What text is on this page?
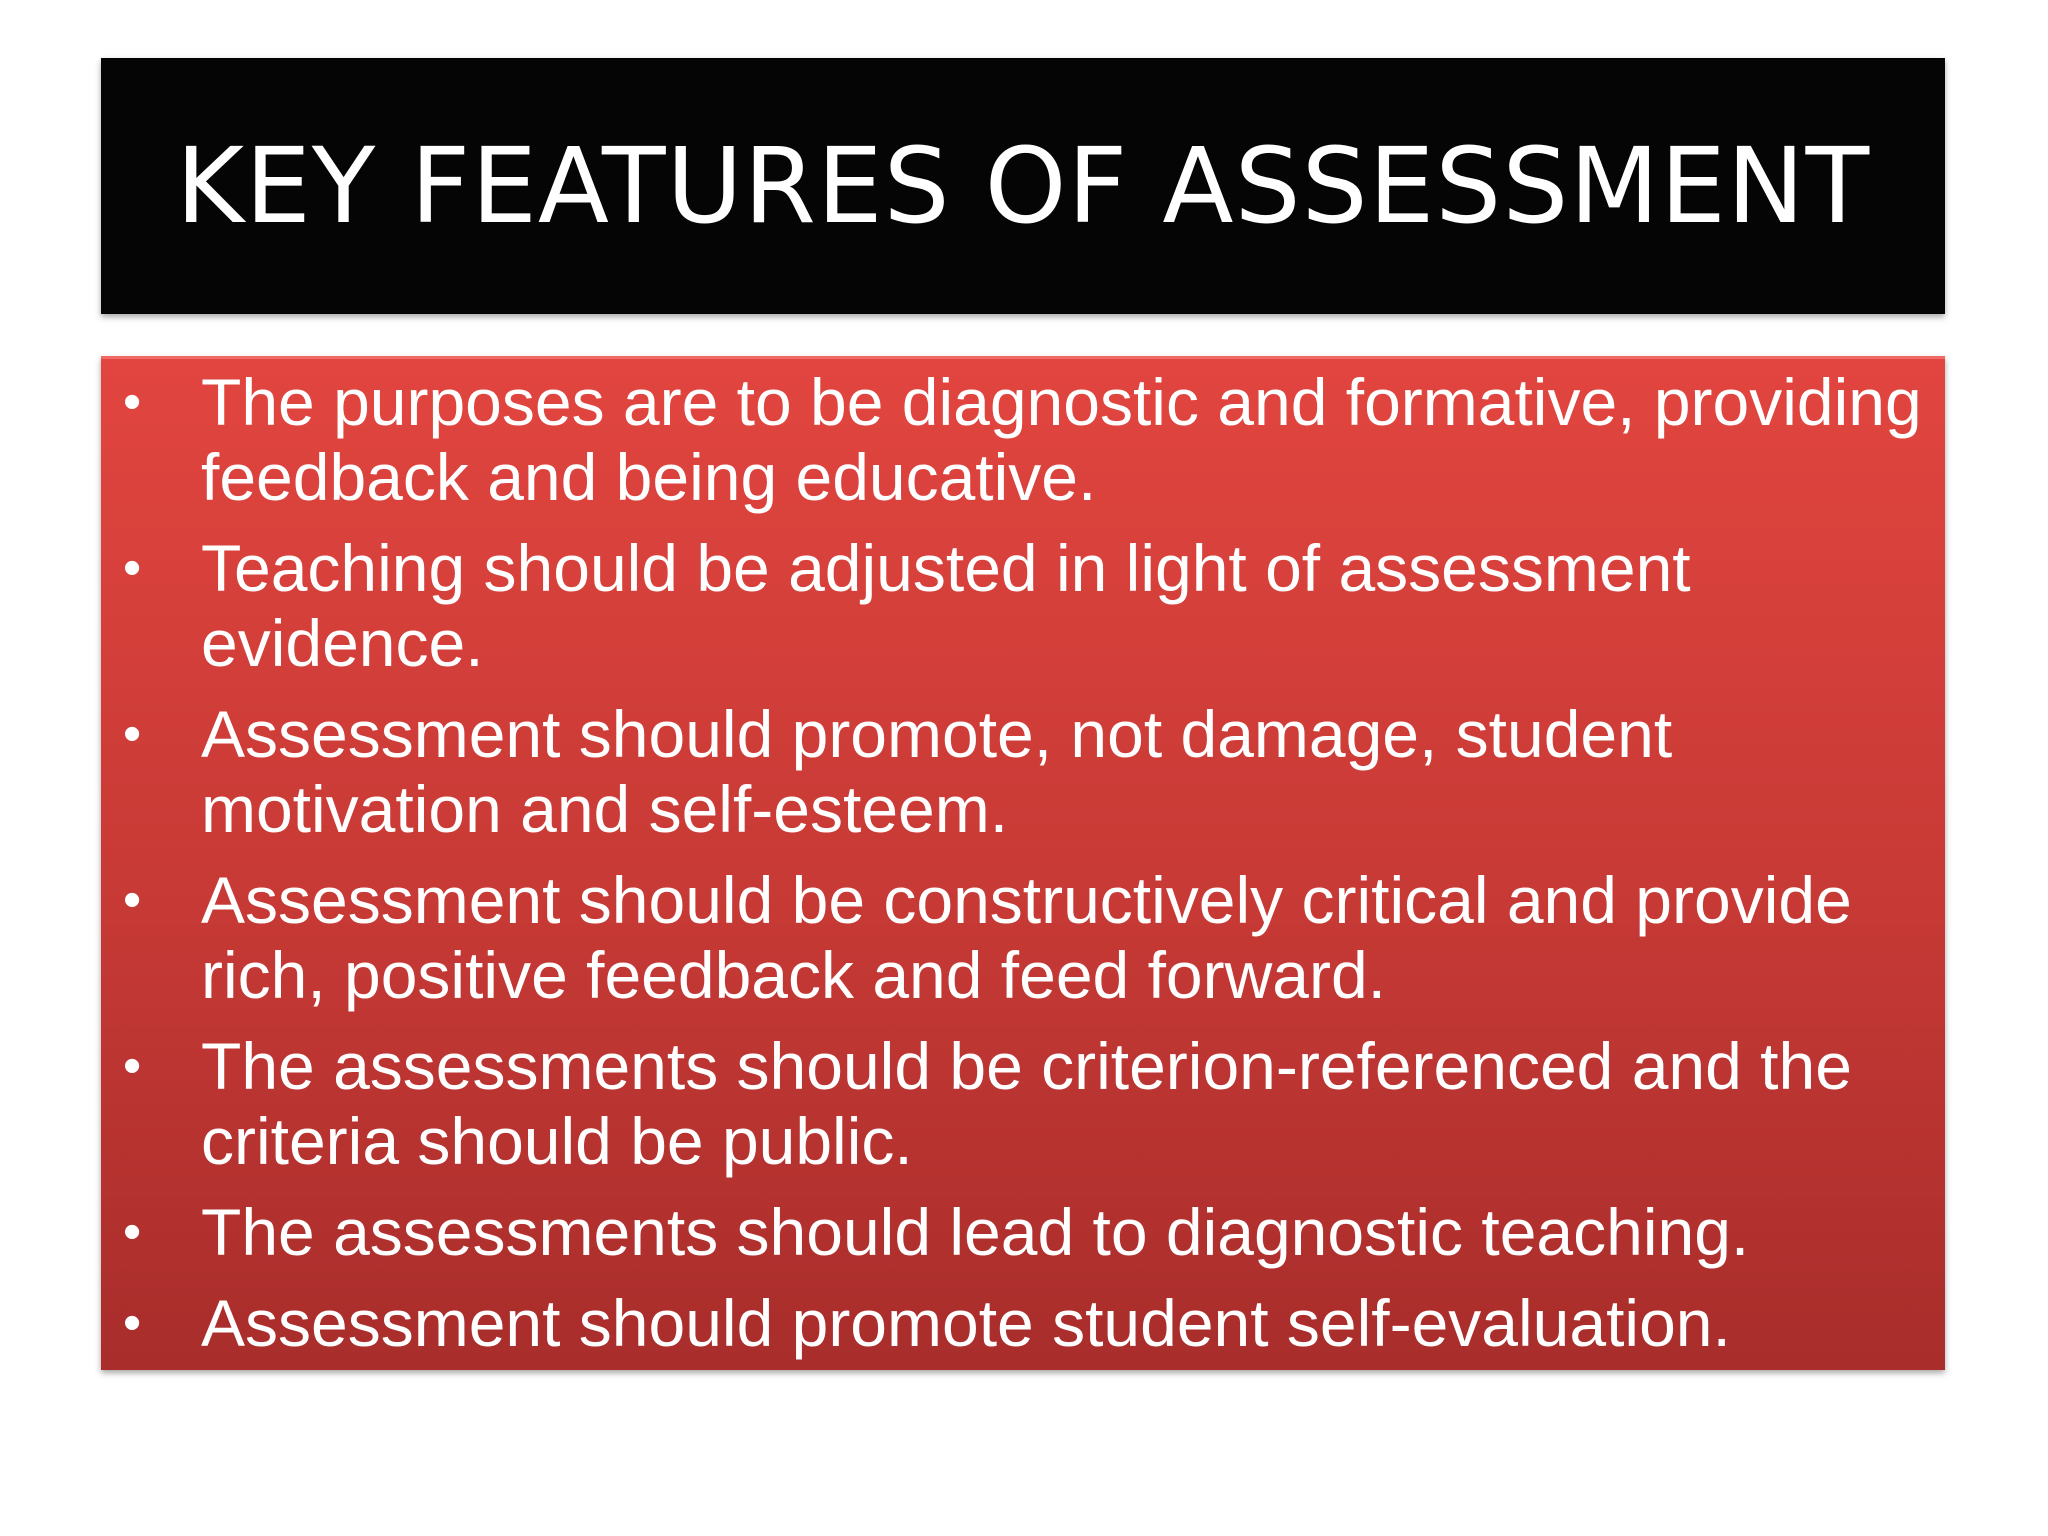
KEY FEATURES OF ASSESSMENT
• The purposes are to be diagnostic and formative, providing feedback and being educative.
• Teaching should be adjusted in light of assessment evidence.
• Assessment should promote, not damage, student motivation and self-esteem.
• Assessment should be constructively critical and provide rich, positive feedback and feed forward.
• The assessments should be criterion-referenced and the criteria should be public.
• The assessments should lead to diagnostic teaching.
• Assessment should promote student self-evaluation.
